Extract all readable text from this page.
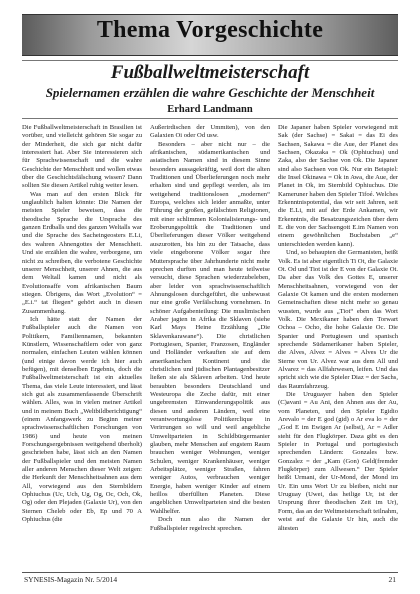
Thema Vorgeschichte
Fußballweltmeisterschaft
Spielernamen erzählen die wahre Geschichte der Menschheit
Erhard Landmann

Die Fußballweltmeisterschaft in Brasilien ist vorüber, und vielleicht gehören Sie sogar zu der Minderheit, die sich gar nicht dafür interessiert hat. Aber Sie interessieren sich für Sprachwissenschaft und die wahre Geschichte der Menschheit und wollen etwas über die Geschichtsfälschung wissen? Dann sollten Sie diesen Artikel ruhig weiter lesen.

Was man auf den ersten Blick für unglaublich halten könnte: Die Namen der meisten Spieler beweisen, dass die theodische Sprache die Ursprache des ganzen Erdballs und des ganzen Weltalls war und die Sprache des Sacheingeosters E.Li, des wahren Ahnengottes der Menschheit. Und sie erzählen die wahre, verborgene, um nicht zu schreiben, die verbotene Geschichte unserer Menschheit, unserer Ahnen, die aus dem Weltall kamen und nicht als Evolutionsaffe vom afrikanischen Baum stiegen. Übrigens, das Wort „Evolution“ = „E.i.“ tat fliegen“ gehört auch in diesen Zusammenhang.

Ich hätte statt der Namen der Fußballspieler auch die Namen von Politikern, Familiennamen, bekannten Künstlern, Wissenschaftlern oder von ganz normalen, einfachen Leuten wählen können (und einige davon werde ich hier auch befügen), mit denselben Ergebnis, doch die Fußballweltmeisterschaft ist ein aktuelles Thema, das viele Leute interessiert, und lässt sich gut als zusammenfassende Überschrift wählen. Alles, was in vielen meiner Artikel und in meinem Buch „Weltbildberichtigung“ (einem Anfangswerk zu Beginn meiner sprachwissenschaftlichen Forschungen von 1986) und heute von meinen Forschungsergebnissen weitgehend überholt) geschrieben habe, lässt sich an den Namen der Fußballspieler und den meisten Namen aller anderen Menschen dieser Welt zeigen: die Herkunft der Menschheitsahnen aus dem All, vorwiegend aus den Sternbildern Ophiuchus (Uc, Uch, Ug, Og, Oc, Och, Ok, Og) oder den Plejaden (Galaxie Ur), von den Sternen Cheleb oder Eb, Ep und 70 A Ophiuchus (die

Außerirdischen der Ummiten), von den Galaxien Oi oder Od usw.

Besonders – aber nicht nur – die afrikanischen, südamerikanischen und asiatischen Namen sind in diesem Sinne besonders aussagekräftig, weil dort die alten Traditionen und Überlieferungen noch mehr erhalten sind und gepflegt werden, als im weitgehend traditionslosen „modernen“ Europa, welches sich leider anmaßte, unter Führung der großen, gefälschten Religionen, mit einer schlimmen Kolonialisierungs- und Eroberungspolitik die Traditionen und Überlieferungen dieser Völker weitgehend auszurotten, bis hin zu der Tatsache, dass viele eingeborene Völker sogar ihre Muttersprache über Jahrhunderte nicht mehr sprechen durften und man heute teilweise versucht, diese Sprachen wiederzubeleben, aber leider von sprachwissenschaftlich Ahnungslosen durchgeführt, die unbewusst nur eine große Verfälschung vornehmen. In schöner Aufgabenteilung: Die muslimischen Araber jagten in Afrika die Sklaven (siehe Karl Mays Heine Erzählung „Die Sklavenkarawane“). Die christlichen Portugiesen, Spanier, Franzosen, Engländer und Holländer verkauften sie auf dem amerikanischen Kontinent und die christlichen und jüdischen Plantagenbesitzer ließen sie als Sklaven arbeiten. Und heute beraubten besonders Deutschland und Westeuropa die Zeche dafür, mit einer ungebremsten Einwanderungspolitik aus diesen und anderen Ländern, weil eine verantwortungslose Politikerclique in Verirrungen so will und weil angebliche Umweltparteien in Schildbürgermanier glauben, mehr Menschen auf engstem Raum brauchen weniger Wohnungen, weniger Schulen, weniger Krankenhäuser, weniger Arbeitsplätze, weniger Straßen, fahren weniger Autos, verbrauchen weniger Energie, haben weniger Kinder auf einem heillos überfüllten Planeten. Diese angeblichen Umweltparteien sind die besten Wahlhelfer.

Doch nun also die Namen der Fußballspieler regelrecht sprechen.

Die Japaner haben Spieler vorwiegend mit Sak (der Sachse) = Sakai = das Ei des Sachsen, Sakawa = die Aue, der Planet des Sachsen, Okazaka = Ok (Ophiuchus) und Zaka, also der Sachse von Ok. Die Japaner sind also Sachsen von Ok. Nur ein Beispiel: die Insel Okinawa = Ok in Awa, die Aue, der Planet in Ok, im Sternbild Ophiuchus. Die Kameruner haben den Spieler Tifoé. Welches Erkenntnispotential, das wir seit Jahren, seit die E.Li, mit auf der Erde Ankamen, wir Erkenntnis, die Besatzungszeichen über dem E. die von der Sachsengott E.im Namen von einem gewöhnlichen Buchstaben „e“ unterschieden werden kann).

Und, so behaupten die Germanisten, heißt Volk. Es ist aber eigentlich Ti Ot, die Galaxie Ot. Od und Tiot ist der E von der Galaxie Ot. Da aber das Volk des Gottes E, unserer Menschheitsahnen, vorwiegend von der Galaxie Ot kamen und die ersten modernen Gemeinschaften diese nicht mehr so genau wussten, wurde aus „Tiot“ eben das Wort Volk. Die Mexikaner haben den Torwart Ochoa – Ocho, die hohe Galaxie Oc. Die Spanier und Portugiesen und spanisch sprechende Südamerikaner haben Spieler, die Alves, Alvez = Alves = Alves Ur die Sterne von Ur. Alvez war aus dem All und Alvarez = das Allfahrwesen, leifen. Und das spricht sich wie die Spieler Diaz = der Sachs, das Raumfahrzeug.

Die Uruguayer haben den Spieler (C)avani = Au Ani, den Ahnen aus der Au, vom Planeten, und den Spieler Egidio Arevalo = der E god (gid) o Ar eva lo = der „God E im Ewigen Ar (selbst), Ar = Adler steht für den Flugkörper. Daza gibt es den Spieler in Portugal und portugiesisch sprechenden Ländern: Gonzales bzw. Gonzalez = der „Kam (Gon) Geld(fremder Flugkörper) zum Allwesen.“ Der Spieler heißt Urmani, der Ur-Mond, der Mond im Ur. Ein ums Wort Ur zu bleiben, nicht nur Uruguay (Uwei, das heilige Ur, ist der Ursprung ihrer theodischen Zeit im Ur), Form, das an der Weltmeisterschaft teilnahm, weist auf die Galaxie Ur hin, auch die ältesten

SYNESIS-Magazin Nr. 5/2014	21
